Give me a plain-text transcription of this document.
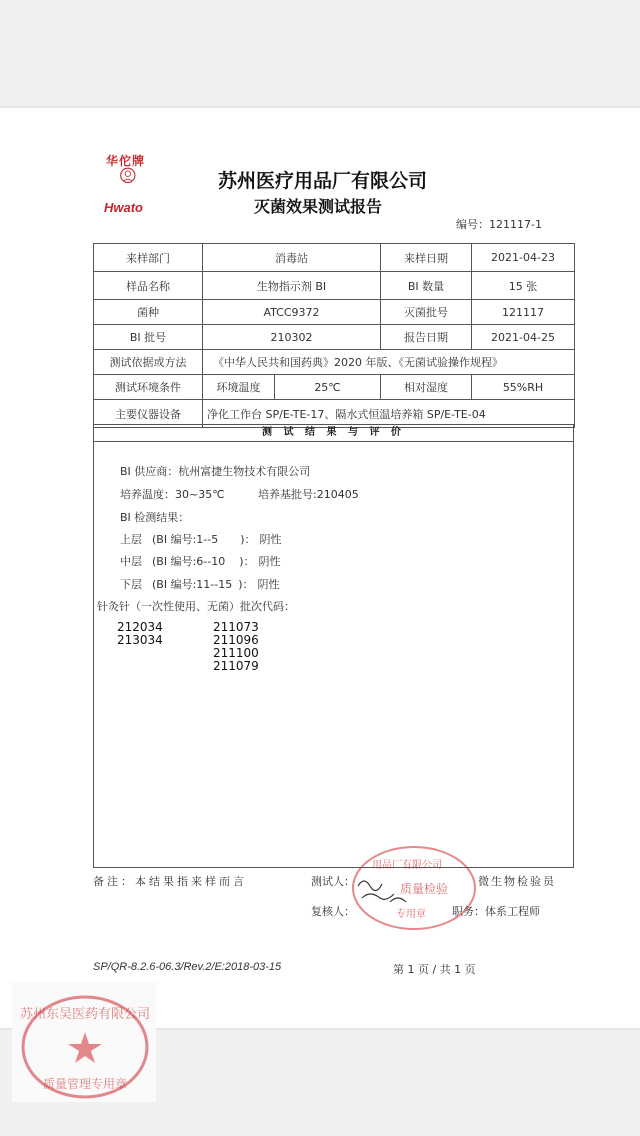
华佗牌
Hwato
苏州医疗用品厂有限公司
灭菌效果测试报告
编号：121117-1
来样部门	消毒站		来样日期	2021-04-23
样品名称	生物指示剂 BI		BI 数量	15 张
菌种	ATCC9372		灭菌批号	121117
BI 批号	210302		报告日期	2021-04-25
测试依据或方法	《中华人民共和国药典》2020 年版、《无菌试验操作规程》			
测试环境条件	环境温度	25℃	相对湿度	55%RH
主要仪器设备	净化工作台 SP/E-TE-17、隔水式恒温培养箱 SP/E-TE-04			
测 试 结 果 与 评 价
BI 供应商：杭州富捷生物技术有限公司
培养温度：30~35℃	培养基批号:210405
BI 检测结果：
上层 (BI 编号:1--5 )： 阴性
中层 (BI 编号:6--10 )： 阴性
下层 (BI 编号:11--15 )： 阴性
针灸针（一次性使用、无菌）批次代码：
212034
213034
211073
211096
211100
211079
备注：本结果指来样而言	测试人：	微生物检验员
复核人：	职务：体系工程师
用品厂有限公司
质量检验
专用章
SP/QR-8.2.6-06.3/Rev.2/E:2018-03-15	第 1 页 / 共 1 页
苏州东吴医药有限公司
质量管理专用章
